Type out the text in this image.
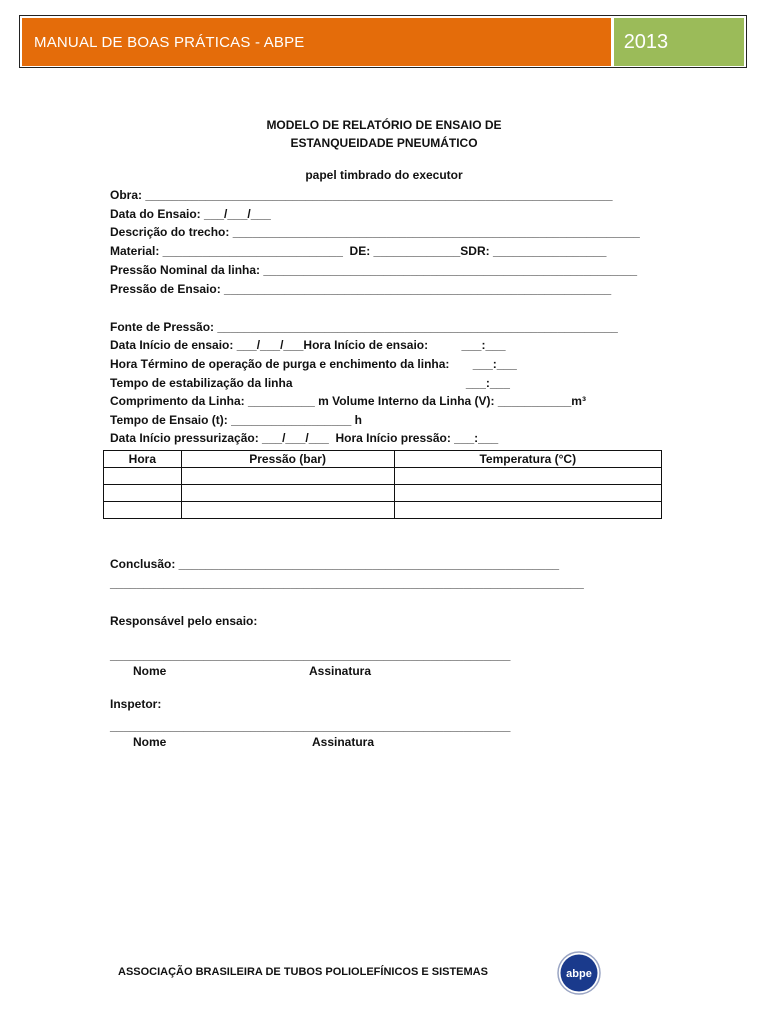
MANUAL DE BOAS PRÁTICAS - ABPE	2013
MODELO DE RELATÓRIO DE ENSAIO DE
ESTANQUEIDADE PNEUMÁTICO
papel timbrado do executor
Obra: ______________________________________________________________________
Data do Ensaio: ___/___/___
Descrição do trecho: _____________________________________________________________
Material: ___________________________  DE: _____________SDR: _________________
Pressão Nominal da linha: ________________________________________________________
Pressão de Ensaio: __________________________________________________________
Fonte de Pressão: ____________________________________________________________
Data Início de ensaio: ___/___/___Hora Início de ensaio:          ___:___
Hora Término de operação de purga e enchimento da linha:       ___:___
Tempo de estabilização da linha                                                    ___:___
Comprimento da Linha: __________ m Volume Interno da Linha (V): ___________m³
Tempo de Ensaio (t): __________________ h
Data Início pressurização: ___/___/___  Hora Início pressão: ___:___
Hora	Pressão (bar)	Temperatura (°C)

Conclusão: _________________________________________________________
_______________________________________________________________________
Responsável pelo ensaio:
____________________________________________________________
Nome	Assinatura
Inspetor:
____________________________________________________________
Nome	Assinatura
ASSOCIAÇÃO BRASILEIRA DE TUBOS POLIOLEFÍNICOS E SISTEMAS	abpe
